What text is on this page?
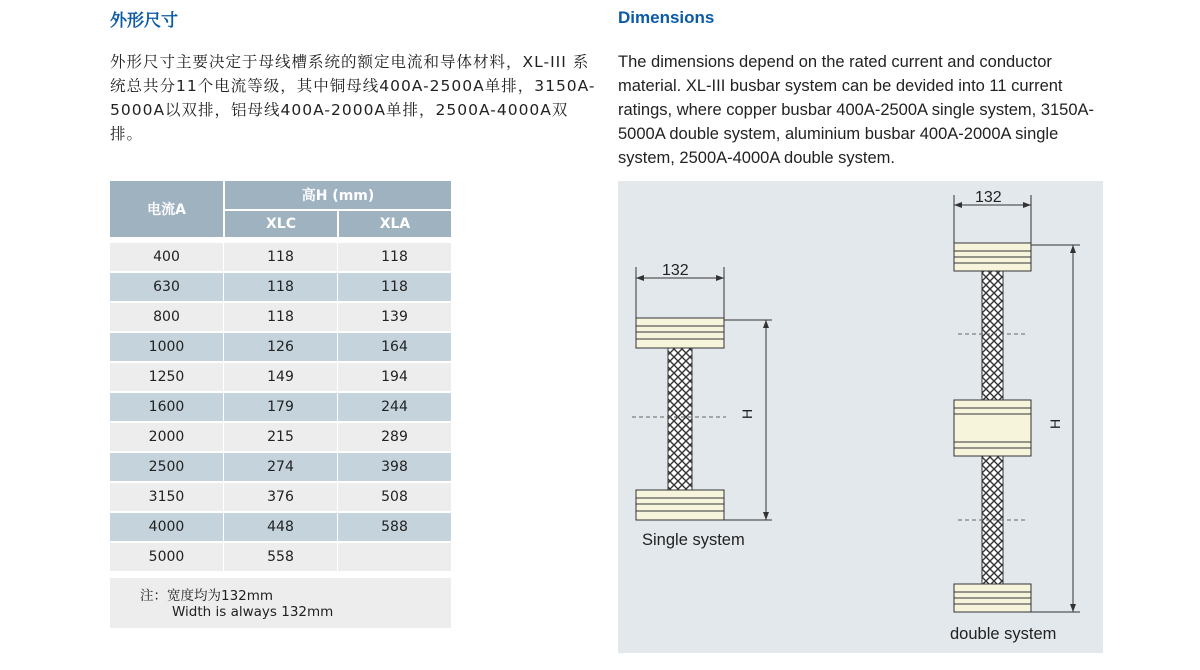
外形尺寸	Dimensions
外形尺寸主要决定于母线槽系统的额定电流和导体材料，XL-III 系统总共分11个电流等级，其中铜母线400A-2500A单排，3150A-5000A以双排，铝母线400A-2000A单排，2500A-4000A双排。
The dimensions depend on the rated current and conductor material. XL-III busbar system can be devided into 11 current ratings, where copper busbar 400A-2500A single system, 3150A-5000A double system, aluminium busbar 400A-2000A single system, 2500A-4000A double system.
电流A
高H (mm)
XLC	XLA
400	118	118
630	118	118
800	118	139
1000	126	164
1250	149	194
1600	179	244
2000	215	289
2500	274	398
3150	376	508
4000	448	588
5000	558
注：宽度均为132mm
Width is always 132mm
132
H
Single system
132
H
double system
